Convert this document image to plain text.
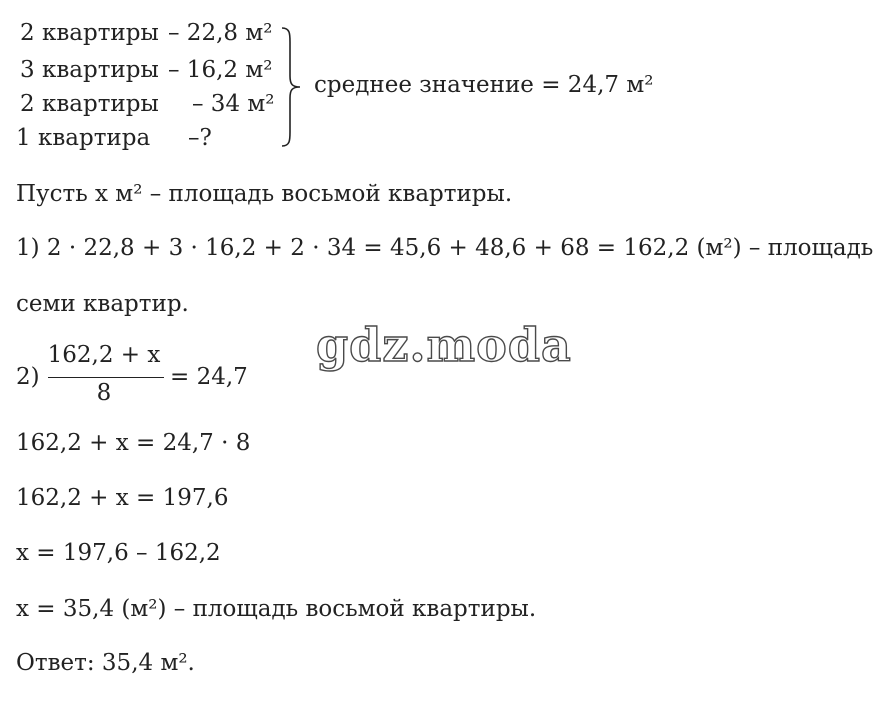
2 квартиры – 22,8 м²
3 квартиры – 16,2 м²
2 квартиры – 34 м²
1 квартира –?
среднее значение = 24,7 м²
Пусть x м² – площадь восьмой квартиры.
1) 2 · 22,8 + 3 · 16,2 + 2 · 34 = 45,6 + 48,6 + 68 = 162,2 (м²) – площадь
семи квартир.
2)
162,2 + x
8
= 24,7
162,2 + x = 24,7 · 8
162,2 + x = 197,6
x = 197,6 – 162,2
x = 35,4 (м²) – площадь восьмой квартиры.
Ответ: 35,4 м².
gdz.moda
